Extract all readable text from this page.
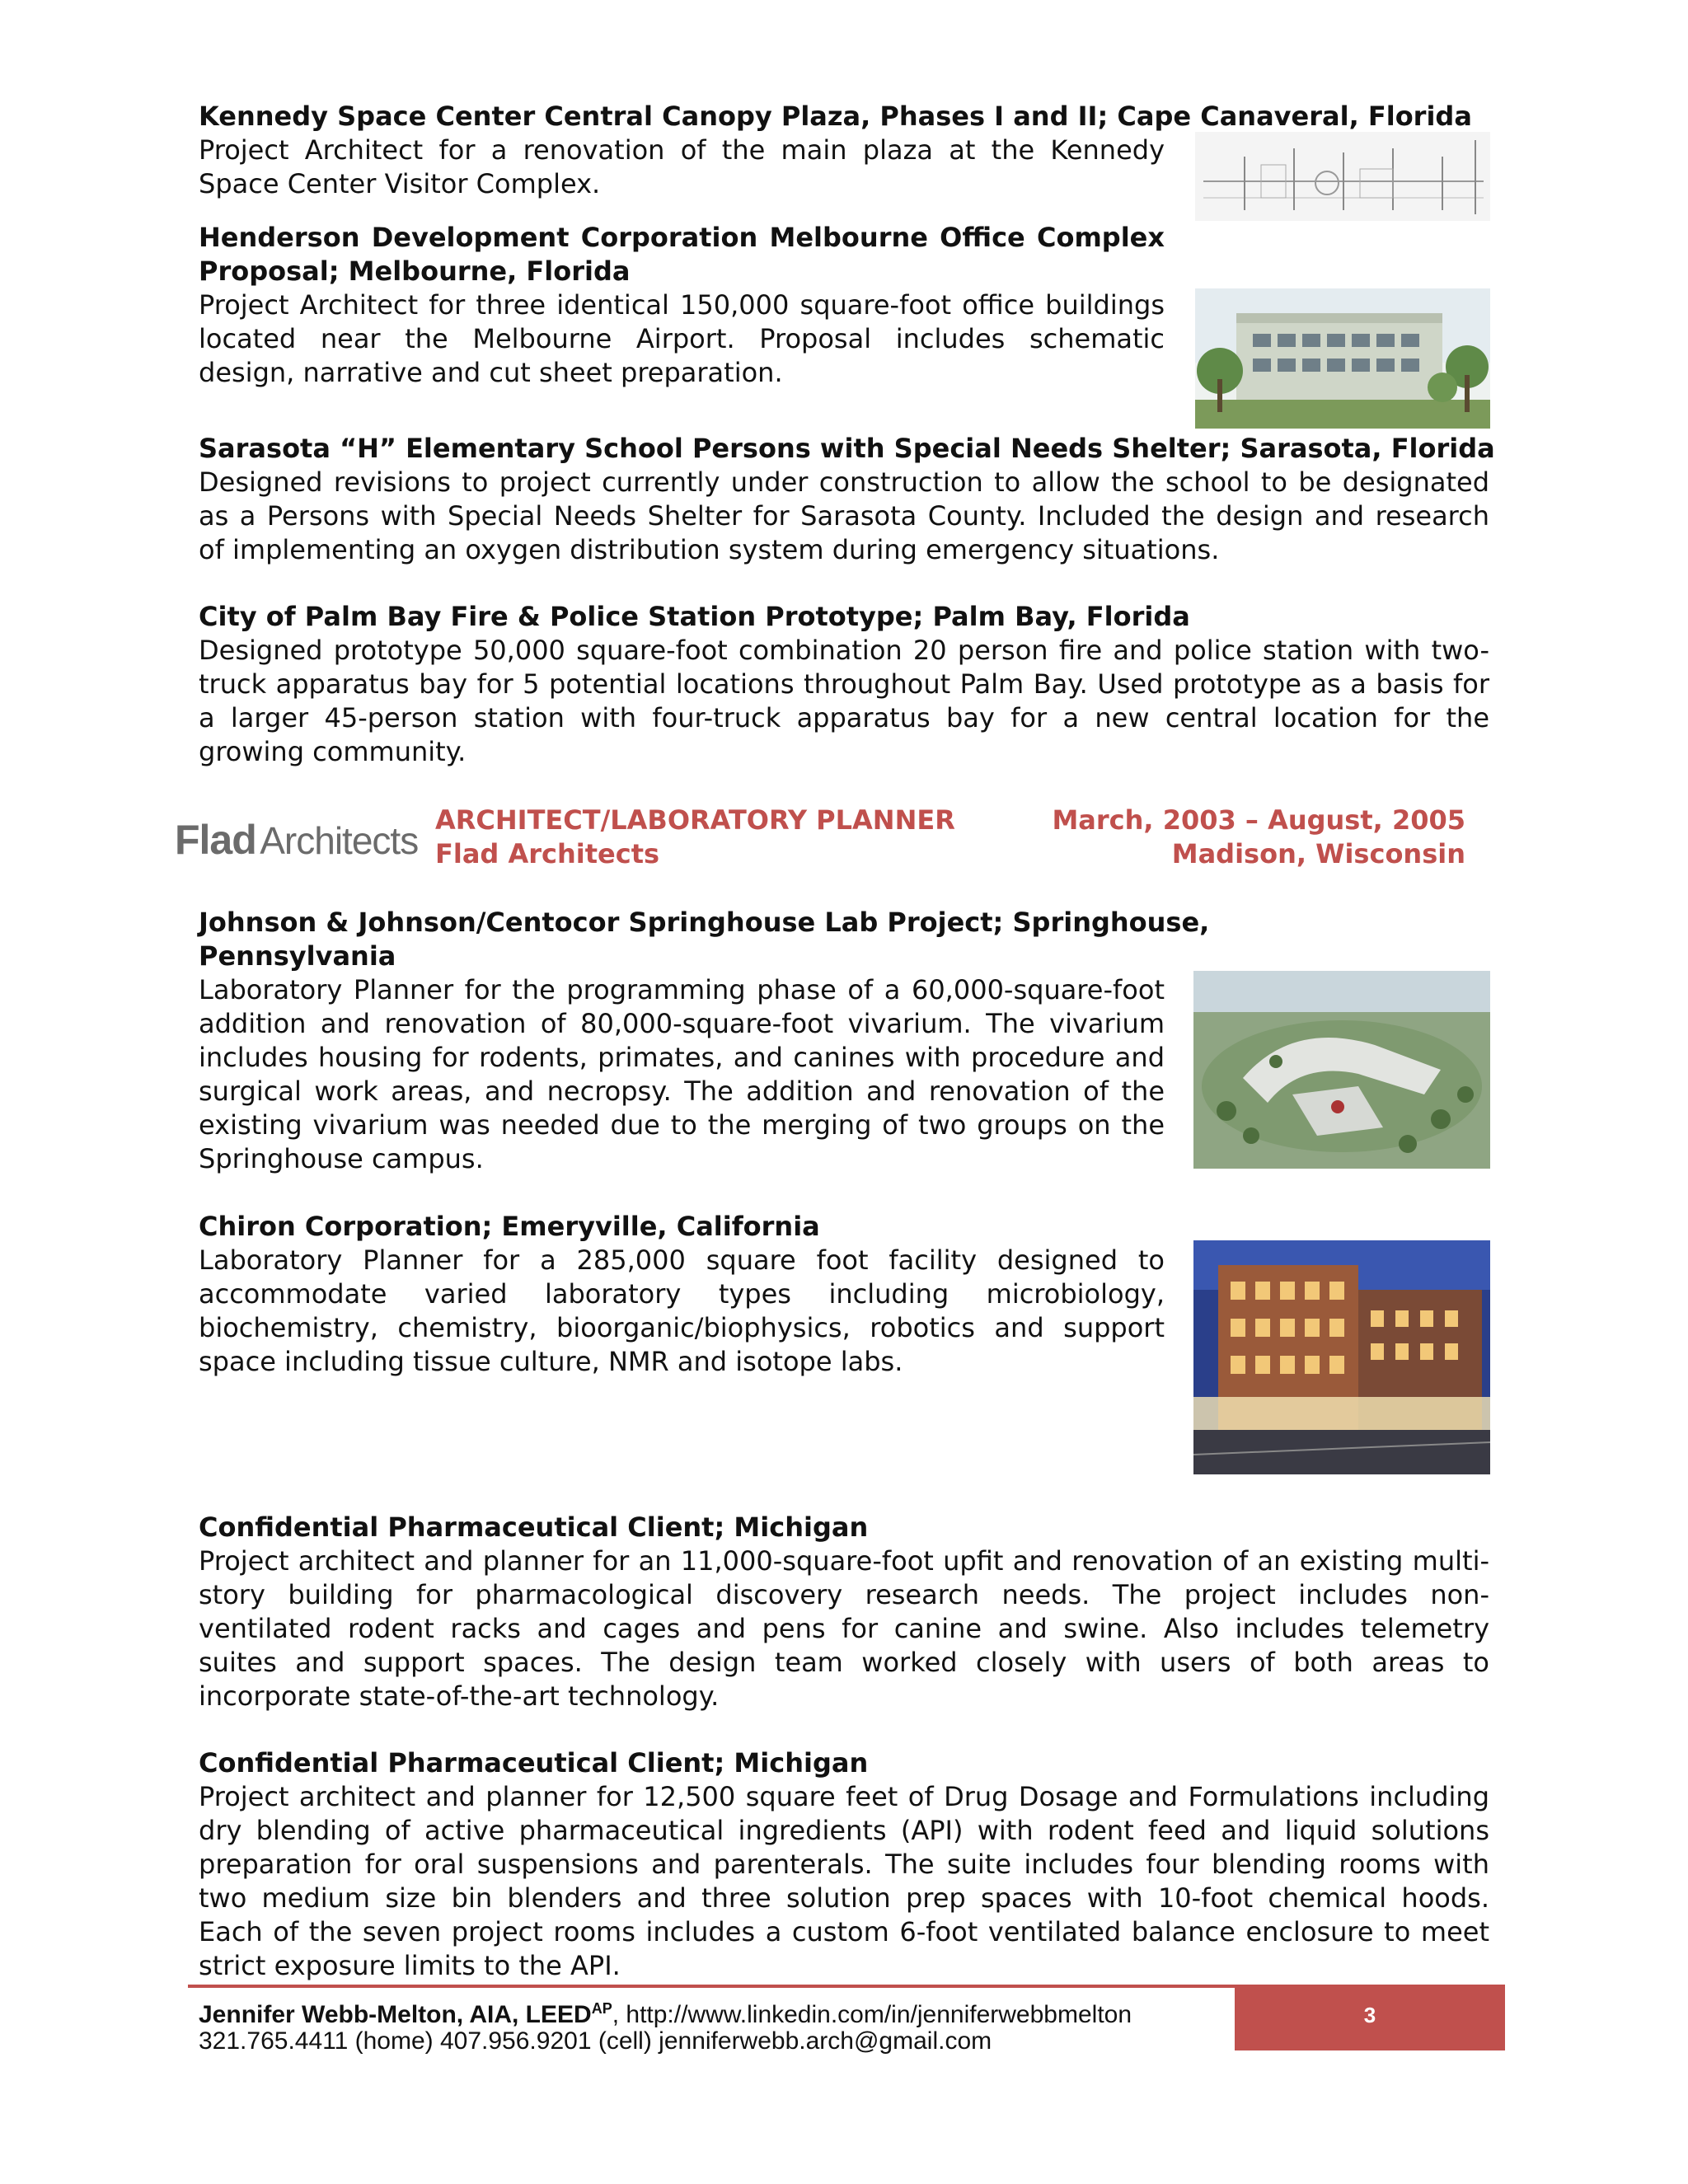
Kennedy Space Center Central Canopy Plaza, Phases I and II; Cape Canaveral, Florida
Project Architect for a renovation of the main plaza at the Kennedy
Space Center Visitor Complex.
Henderson Development Corporation Melbourne Office Complex
Proposal; Melbourne, Florida
Project Architect for three identical 150,000 square-foot office buildings
located near the Melbourne Airport. Proposal includes schematic
design, narrative and cut sheet preparation.
Sarasota “H” Elementary School Persons with Special Needs Shelter; Sarasota, Florida
Designed revisions to project currently under construction to allow the school to be designated
as a Persons with Special Needs Shelter for Sarasota County. Included the design and research
of implementing an oxygen distribution system during emergency situations.
City of Palm Bay Fire & Police Station Prototype; Palm Bay, Florida
Designed prototype 50,000 square-foot combination 20 person fire and police station with two-
truck apparatus bay for 5 potential locations throughout Palm Bay. Used prototype as a basis for
a larger 45-person station with four-truck apparatus bay for a new central location for the
growing community.
Flad Architects ARCHITECT/LABORATORY PLANNER
Flad Architects
March, 2003 – August, 2005
Madison, Wisconsin
Johnson & Johnson/Centocor Springhouse Lab Project; Springhouse,
Pennsylvania
Laboratory Planner for the programming phase of a 60,000-square-foot
addition and renovation of 80,000-square-foot vivarium. The vivarium
includes housing for rodents, primates, and canines with procedure and
surgical work areas, and necropsy. The addition and renovation of the
existing vivarium was needed due to the merging of two groups on the
Springhouse campus.
Chiron Corporation; Emeryville, California
Laboratory Planner for a 285,000 square foot facility designed to
accommodate varied laboratory types including microbiology,
biochemistry, chemistry, bioorganic/biophysics, robotics and support
space including tissue culture, NMR and isotope labs.
Confidential Pharmaceutical Client; Michigan
Project architect and planner for an 11,000-square-foot upfit and renovation of an existing multi-
story building for pharmacological discovery research needs. The project includes non-
ventilated rodent racks and cages and pens for canine and swine. Also includes telemetry
suites and support spaces. The design team worked closely with users of both areas to
incorporate state-of-the-art technology.
Confidential Pharmaceutical Client; Michigan
Project architect and planner for 12,500 square feet of Drug Dosage and Formulations including
dry blending of active pharmaceutical ingredients (API) with rodent feed and liquid solutions
preparation for oral suspensions and parenterals. The suite includes four blending rooms with
two medium size bin blenders and three solution prep spaces with 10-foot chemical hoods.
Each of the seven project rooms includes a custom 6-foot ventilated balance enclosure to meet
strict exposure limits to the API.
Jennifer Webb-Melton, AIA, $LEED^{AP}$, http://www.linkedin.com/in/jenniferwebbmelton
321.765.4411 (home) 407.956.9201 (cell) jenniferwebb.arch@gmail.com
3
